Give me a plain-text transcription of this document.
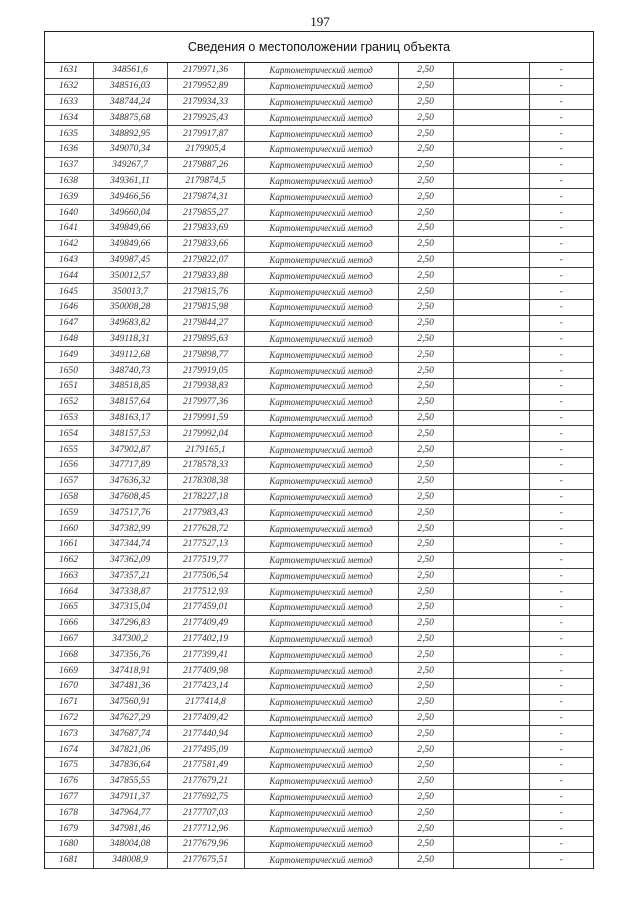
197
Сведения о местоположении границ объекта
1631	348561,6	2179971,36	Картометрический метод	2,50		-
1632	348516,03	2179952,89	Картометрический метод	2,50		-
1633	348744,24	2179934,33	Картометрический метод	2,50		-
1634	348875,68	2179925,43	Картометрический метод	2,50		-
1635	348892,95	2179917,87	Картометрический метод	2,50		-
1636	349070,34	2179905,4	Картометрический метод	2,50		-
1637	349267,7	2179887,26	Картометрический метод	2,50		-
1638	349361,11	2179874,5	Картометрический метод	2,50		-
1639	349466,56	2179874,31	Картометрический метод	2,50		-
1640	349660,04	2179855,27	Картометрический метод	2,50		-
1641	349849,66	2179833,69	Картометрический метод	2,50		-
1642	349849,66	2179833,66	Картометрический метод	2,50		-
1643	349987,45	2179822,07	Картометрический метод	2,50		-
1644	350012,57	2179833,88	Картометрический метод	2,50		-
1645	350013,7	2179815,76	Картометрический метод	2,50		-
1646	350008,28	2179815,98	Картометрический метод	2,50		-
1647	349683,82	2179844,27	Картометрический метод	2,50		-
1648	349118,31	2179895,63	Картометрический метод	2,50		-
1649	349112,68	2179898,77	Картометрический метод	2,50		-
1650	348740,73	2179919,05	Картометрический метод	2,50		-
1651	348518,85	2179938,83	Картометрический метод	2,50		-
1652	348157,64	2179977,36	Картометрический метод	2,50		-
1653	348163,17	2179991,59	Картометрический метод	2,50		-
1654	348157,53	2179992,04	Картометрический метод	2,50		-
1655	347902,87	2179165,1	Картометрический метод	2,50		-
1656	347717,89	2178578,33	Картометрический метод	2,50		-
1657	347636,32	2178308,38	Картометрический метод	2,50		-
1658	347608,45	2178227,18	Картометрический метод	2,50		-
1659	347517,76	2177983,43	Картометрический метод	2,50		-
1660	347382,99	2177628,72	Картометрический метод	2,50		-
1661	347344,74	2177527,13	Картометрический метод	2,50		-
1662	347362,09	2177519,77	Картометрический метод	2,50		-
1663	347357,21	2177506,54	Картометрический метод	2,50		-
1664	347338,87	2177512,93	Картометрический метод	2,50		-
1665	347315,04	2177459,01	Картометрический метод	2,50		-
1666	347296,83	2177409,49	Картометрический метод	2,50		-
1667	347300,2	2177402,19	Картометрический метод	2,50		-
1668	347356,76	2177399,41	Картометрический метод	2,50		-
1669	347418,91	2177409,98	Картометрический метод	2,50		-
1670	347481,36	2177423,14	Картометрический метод	2,50		-
1671	347560,91	2177414,8	Картометрический метод	2,50		-
1672	347627,29	2177409,42	Картометрический метод	2,50		-
1673	347687,74	2177440,94	Картометрический метод	2,50		-
1674	347821,06	2177495,09	Картометрический метод	2,50		-
1675	347836,64	2177581,49	Картометрический метод	2,50		-
1676	347855,55	2177679,21	Картометрический метод	2,50		-
1677	347911,37	2177692,75	Картометрический метод	2,50		-
1678	347964,77	2177707,03	Картометрический метод	2,50		-
1679	347981,46	2177712,96	Картометрический метод	2,50		-
1680	348004,08	2177679,96	Картометрический метод	2,50		-
1681	348008,9	2177675,51	Картометрический метод	2,50		-
